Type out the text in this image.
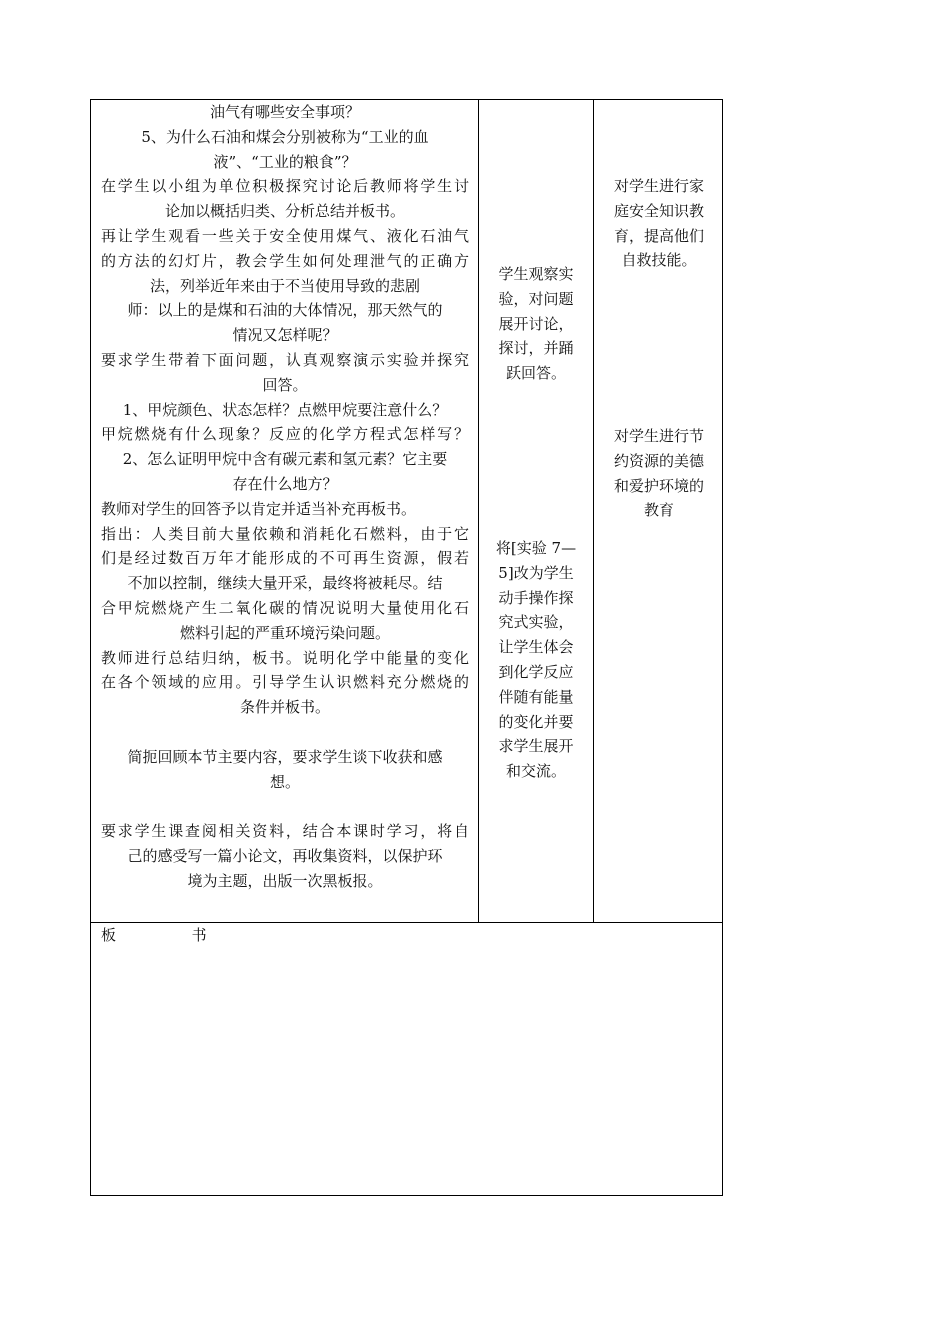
油气有哪些安全事项？

5、为什么石油和煤会分别被称为“工业的血

液”、“工业的粮食”？

在学生以小组为单位积极探究讨论后教师将学生讨

论加以概括归类、分析总结并板书。

再让学生观看一些关于安全使用煤气、液化石油气

的方法的幻灯片，教会学生如何处理泄气的正确方

法，列举近年来由于不当使用导致的悲剧

师：以上的是煤和石油的大体情况，那天然气的

情况又怎样呢？

要求学生带着下面问题，认真观察演示实验并探究

回答。

1、甲烷颜色、状态怎样？点燃甲烷要注意什么？

甲烷燃烧有什么现象？反应的化学方程式怎样写？

2、怎么证明甲烷中含有碳元素和氢元素？它主要

存在什么地方？

教师对学生的回答予以肯定并适当补充再板书。

指出：人类目前大量依赖和消耗化石燃料，由于它

们是经过数百万年才能形成的不可再生资源，假若

不加以控制，继续大量开采，最终将被耗尽。结

合甲烷燃烧产生二氧化碳的情况说明大量使用化石

燃料引起的严重环境污染问题。

教师进行总结归纳，板书。说明化学中能量的变化

在各个领域的应用。引导学生认识燃料充分燃烧的

条件并板书。

简扼回顾本节主要内容，要求学生谈下收获和感

想。

要求学生课查阅相关资料，结合本课时学习，将自

己的感受写一篇小论文，再收集资料，以保护环

境为主题，出版一次黑板报。

学生观察实

验，对问题

展开讨论，

探讨，并踊

跃回答。

将[实验 7—

5]改为学生

动手操作探

究式实验，

让学生体会

到化学反应

伴随有能量

的变化并要

求学生展开

和交流。

对学生进行家

庭安全知识教

育，提高他们

自救技能。

对学生进行节

约资源的美德

和爱护环境的

教育

板	书
